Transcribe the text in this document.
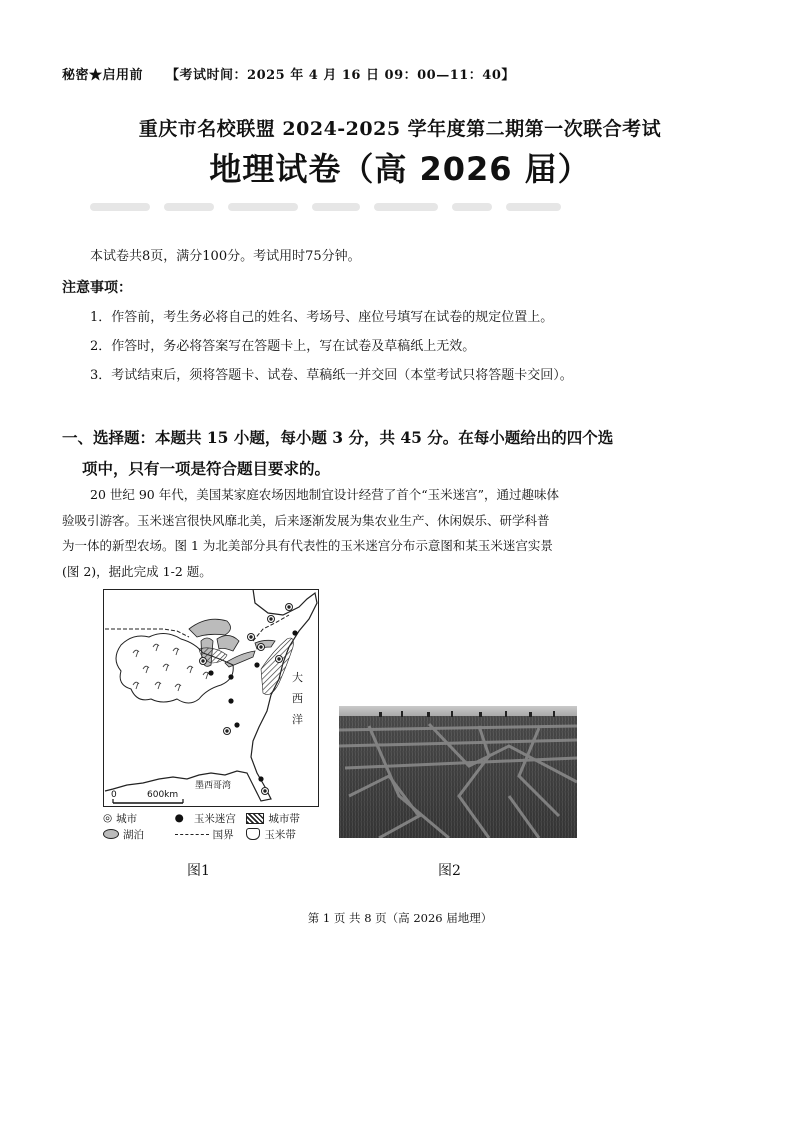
秘密★启用前 【考试时间：2025 年 4 月 16 日 09：00—11：40】
重庆市名校联盟 2024-2025 学年度第二期第一次联合考试
地理试卷（高 2026 届）
本试卷共8页，满分100分。考试用时75分钟。
注意事项：
1．作答前，考生务必将自己的姓名、考场号、座位号填写在试卷的规定位置上。
2．作答时，务必将答案写在答题卡上，写在试卷及草稿纸上无效。
3．考试结束后，须将答题卡、试卷、草稿纸一并交回（本堂考试只将答题卡交回）。
一、选择题：本题共 15 小题，每小题 3 分，共 45 分。在每小题给出的四个选
项中，只有一项是符合题目要求的。
20 世纪 90 年代，美国某家庭农场因地制宜设计经营了首个“玉米迷宫”，通过趣味体
验吸引游客。玉米迷宫很快风靡北美，后来逐渐发展为集农业生产、休闲娱乐、研学科普
为一体的新型农场。图 1 为北美部分具有代表性的玉米迷宫分布示意图和某玉米迷宫实景
(图 2)，据此完成 1-2 题。
大
西
洋
墨西哥湾
0	600km
◎ 城市	● 玉米迷宫	城市带
湖泊	国界	玉米带
图1	图2
第 1 页 共 8 页（高 2026 届地理）
